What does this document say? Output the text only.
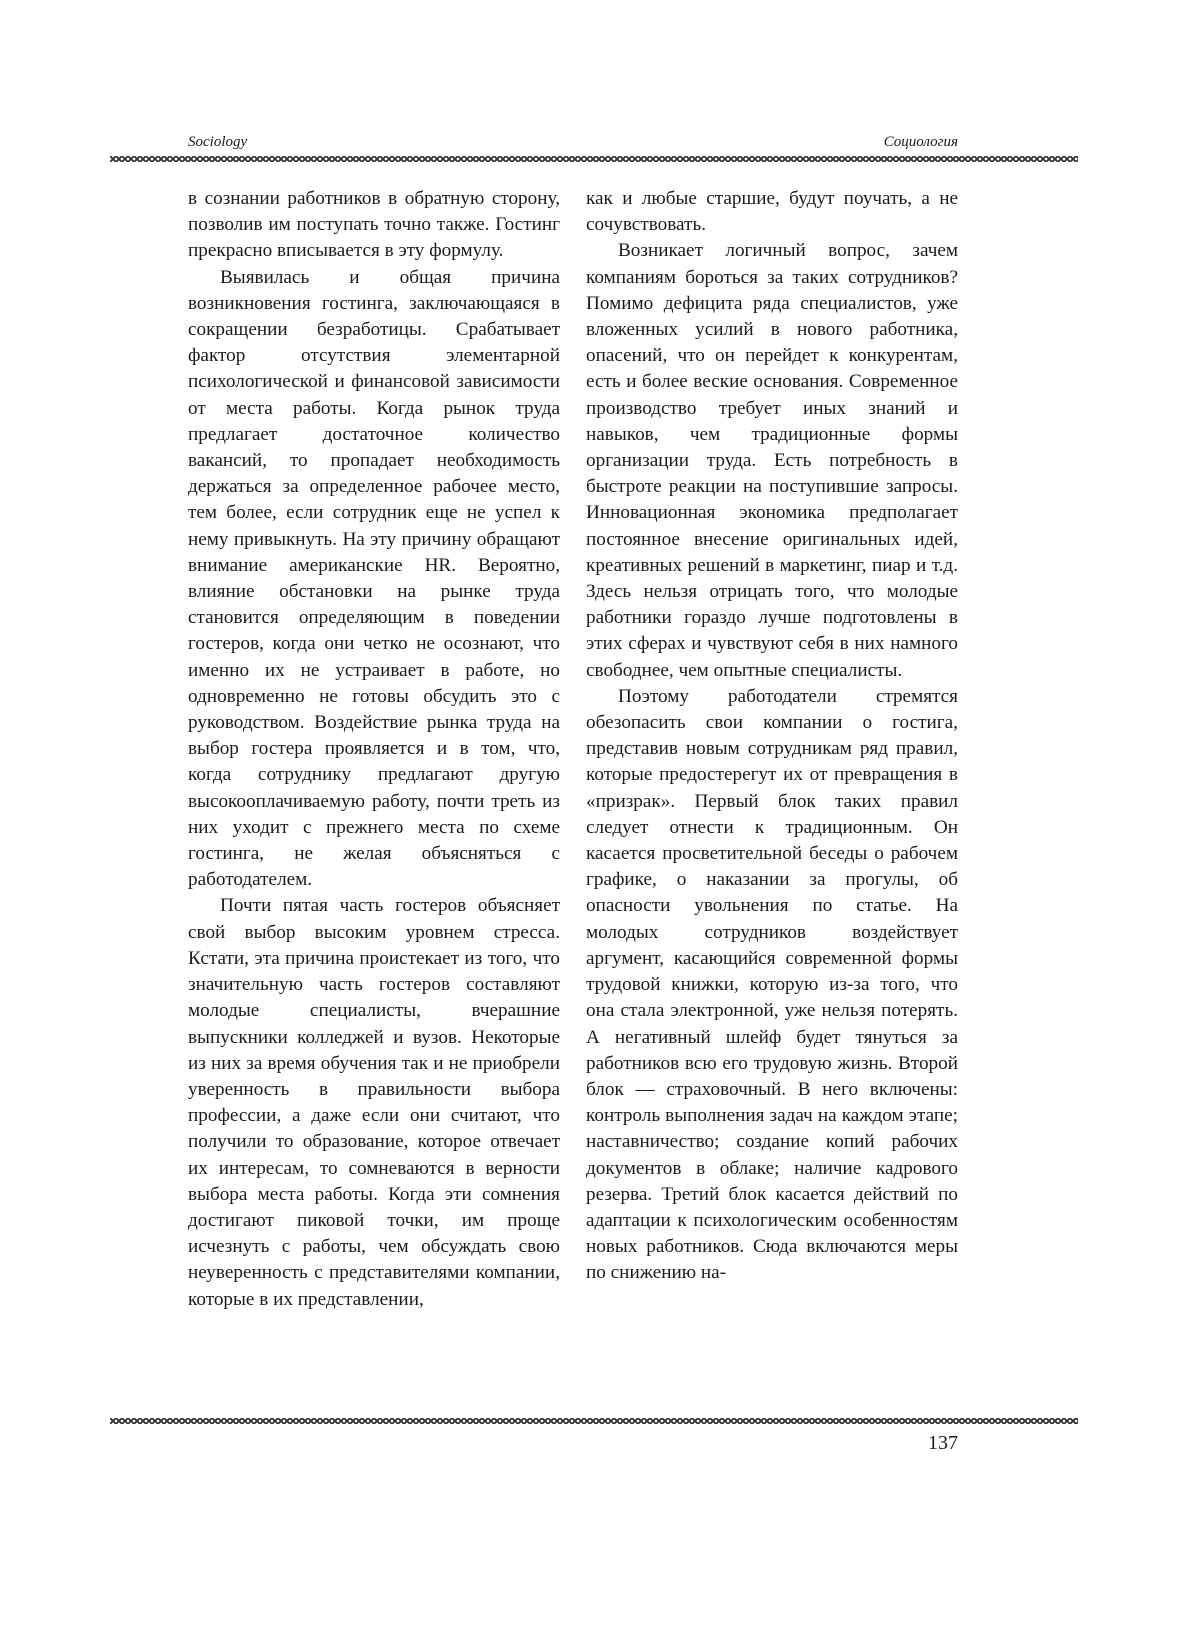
Sociology	Социология

в сознании работников в обратную сторону, позволив им поступать точно также. Гостинг прекрасно вписывается в эту формулу.

Выявилась и общая причина возникновения гостинга, заключающаяся в сокращении безработицы. Срабатывает фактор отсутствия элементарной психологической и финансовой зависимости от места работы. Когда рынок труда предлагает достаточное количество вакансий, то пропадает необходимость держаться за определенное рабочее место, тем более, если сотрудник еще не успел к нему привыкнуть. На эту причину обращают внимание американские HR. Вероятно, влияние обстановки на рынке труда становится определяющим в поведении гостеров, когда они четко не осознают, что именно их не устраивает в работе, но одновременно не готовы обсудить это с руководством. Воздействие рынка труда на выбор гостера проявляется и в том, что, когда сотруднику предлагают другую высокооплачиваемую работу, почти треть из них уходит с прежнего места по схеме гостинга, не желая объясняться с работодателем.

Почти пятая часть гостеров объясняет свой выбор высоким уровнем стресса. Кстати, эта причина проистекает из того, что значительную часть гостеров составляют молодые специалисты, вчерашние выпускники колледжей и вузов. Некоторые из них за время обучения так и не приобрели уверенность в правильности выбора профессии, а даже если они считают, что получили то образование, которое отвечает их интересам, то сомневаются в верности выбора места работы. Когда эти сомнения достигают пиковой точки, им проще исчезнуть с работы, чем обсуждать свою неуверенность с представителями компании, которые в их представлении,

как и любые старшие, будут поучать, а не сочувствовать.

Возникает логичный вопрос, зачем компаниям бороться за таких сотрудников? Помимо дефицита ряда специалистов, уже вложенных усилий в нового работника, опасений, что он перейдет к конкурентам, есть и более веские основания. Современное производство требует иных знаний и навыков, чем традиционные формы организации труда. Есть потребность в быстроте реакции на поступившие запросы. Инновационная экономика предполагает постоянное внесение оригинальных идей, креативных решений в маркетинг, пиар и т.д. Здесь нельзя отрицать того, что молодые работники гораздо лучше подготовлены в этих сферах и чувствуют себя в них намного свободнее, чем опытные специалисты.

Поэтому работодатели стремятся обезопасить свои компании о гостига, представив новым сотрудникам ряд правил, которые предостерегут их от превращения в «призрак». Первый блок таких правил следует отнести к традиционным. Он касается просветительной беседы о рабочем графике, о наказании за прогулы, об опасности увольнения по статье. На молодых сотрудников воздействует аргумент, касающийся современной формы трудовой книжки, которую из-за того, что она стала электронной, уже нельзя потерять. А негативный шлейф будет тянуться за работников всю его трудовую жизнь. Второй блок — страховочный. В него включены: контроль выполнения задач на каждом этапе; наставничество; создание копий рабочих документов в облаке; наличие кадрового резерва. Третий блок касается действий по адаптации к психологическим особенностям новых работников. Сюда включаются меры по снижению на-

137
